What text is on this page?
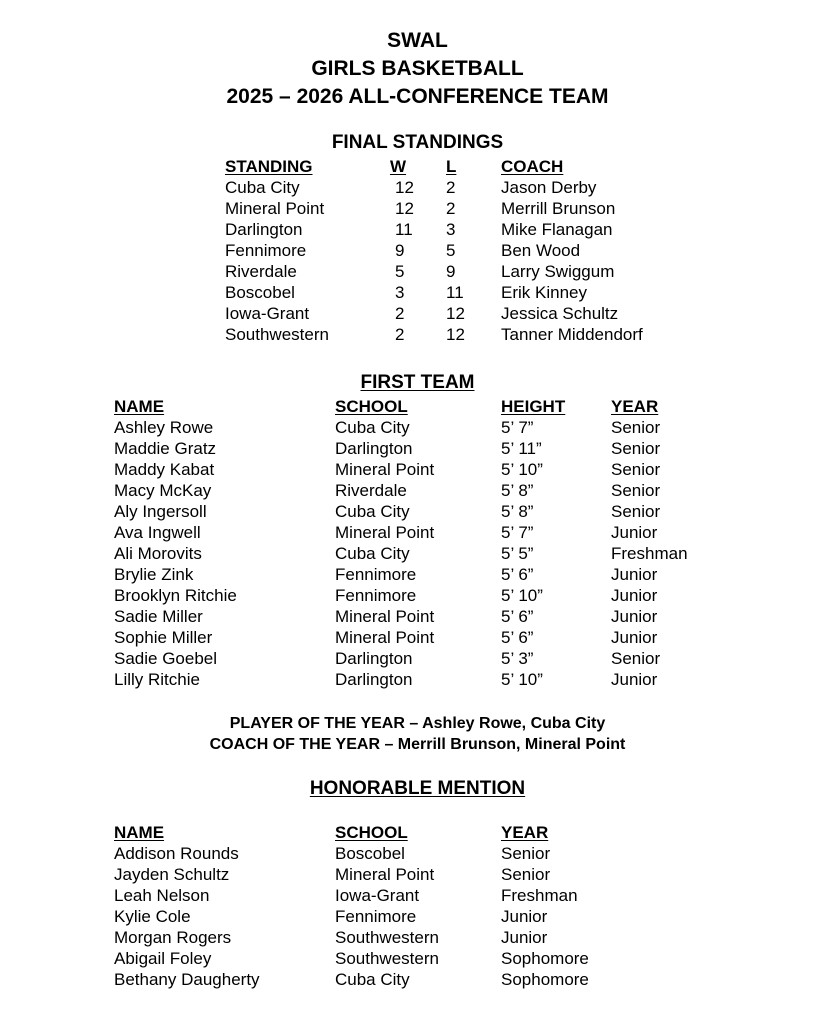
SWAL
GIRLS BASKETBALL
2025 – 2026 ALL-CONFERENCE TEAM
FINAL STANDINGS
STANDING	W L	COACH
Cuba City	12 2	Jason Derby
Mineral Point	12 2	Merrill Brunson
Darlington	11 3	Mike Flanagan
Fennimore	9 5	Ben Wood
Riverdale	5 9	Larry Swiggum
Boscobel	3 11 Erik Kinney
Iowa-Grant	2 12 Jessica Schultz
Southwestern	2 12 Tanner Middendorf
FIRST TEAM
NAME	SCHOOL	HEIGHT	YEAR
Ashley Rowe	Cuba City	5’ 7”	Senior
Maddie Gratz	Darlington	5’ 11”	Senior
Maddy Kabat	Mineral Point	5’ 10”	Senior
Macy McKay	Riverdale	5’ 8”	Senior
Aly Ingersoll	Cuba City	5’ 8”	Senior
Ava Ingwell	Mineral Point	5’ 7”	Junior
Ali Morovits	Cuba City	5’ 5”	Freshman
Brylie Zink	Fennimore	5’ 6”	Junior
Brooklyn Ritchie	Fennimore	5’ 10”	Junior
Sadie Miller	Mineral Point	5’ 6”	Junior
Sophie Miller	Mineral Point	5’ 6”	Junior
Sadie Goebel	Darlington	5’ 3”	Senior
Lilly Ritchie	Darlington	5’ 10”	Junior
PLAYER OF THE YEAR – Ashley Rowe, Cuba City
COACH OF THE YEAR – Merrill Brunson, Mineral Point
HONORABLE MENTION
NAME	SCHOOL	YEAR
Addison Rounds	Boscobel	Senior
Jayden Schultz	Mineral Point	Senior
Leah Nelson	Iowa-Grant	Freshman
Kylie Cole	Fennimore	Junior
Morgan Rogers	Southwestern	Junior
Abigail Foley	Southwestern	Sophomore
Bethany Daugherty	Cuba City	Sophomore
